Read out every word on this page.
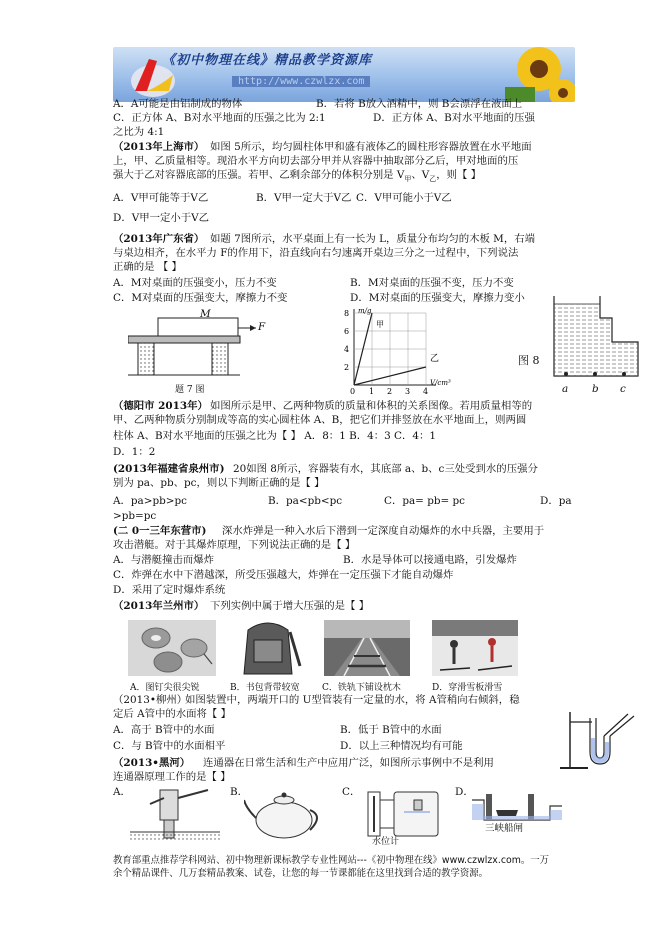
《初中物理在线》精品教学资源库
http://www.czwlzx.com
A．A可能是由铝制成的物体	B．若将 B放入酒精中，则 B会漂浮在液面上
C．正方体 A、B对水平地面的压强之比为 2:1	D．正方体 A、B对水平地面的压强
之比为 4:1
（2013年上海市） 如图 5所示，均匀圆柱体甲和盛有液体乙的圆柱形容器放置在水平地面
上，甲、乙质量相等。现沿水平方向切去部分甲并从容器中抽取部分乙后，甲对地面的压
强大于乙对容器底部的压强。若甲、乙剩余部分的体积分别是 $V_甲$、$V_乙$，则【 】
A．V甲可能等于V乙	B．V甲一定大于V乙 C．V甲可能小于V乙
D．V甲一定小于V乙
（2013年广东省） 如题 7图所示，水平桌面上有一长为 L，质量分布均匀的木板 M，右端
与桌边相齐，在水平力 F的作用下，沿直线向右匀速离开桌边三分之一过程中，下列说法
正确的是 【 】
A．M对桌面的压强变小，压力不变	B．M对桌面的压强不变，压力不变
C．M对桌面的压强变大，摩擦力不变	D．M对桌面的压强变大，摩擦力变小
M
F
题 7 图
2
4
6
8
0 1 2 3 4
m/g
V/cm³
甲
乙	图 8
a b c
（德阳市 2013年） 如图所示是甲、乙两种物质的质量和体积的关系图像。若用质量相等的
甲、乙两种物质分别制成等高的实心圆柱体 A、B，把它们并排竖放在水平地面上，则两圆
柱体 A、B对水平地面的压强之比为【 】 A．8：1 B．4：3 C．4：1
D．1：2
(2013年福建省泉州市) 20如图 8所示，容器装有水，其底部 a、b、c三处受到水的压强分
别为 pa、pb、pc，则以下判断正确的是【 】
A．pa>pb>pc	B．pa<pb<pc	C．pa= pb= pc	D．pa
>pb=pc
(二 0一三年东营市) 深水炸弹是一种入水后下潜到一定深度自动爆炸的水中兵器，主要用于
攻击潜艇。对于其爆炸原理，下列说法正确的是【 】
A．与潜艇撞击而爆炸	B．水是导体可以接通电路，引发爆炸
C．炸弹在水中下潜越深，所受压强越大，炸弹在一定压强下才能自动爆炸
D．采用了定时爆炸系统
（2013年兰州市） 下列实例中属于增大压强的是【 】
A．图钉尖很尖锐	B．书包背带较宽 C．铁轨下铺设枕木	D．穿滑雪板滑雪
（2013•柳州）
如图装置中，两端开口的 U型管装有一定量的水，将 A管稍向右倾斜，稳
定后 A管中的水面将【 】
A．高于 B管中的水面	B．低于 B管中的水面
C．与 B管中的水面相平	D．以上三种情况均有可能
（2013•黑河） 连通器在日常生活和生产中应用广泛，如图所示事例中不是利用
连通器原理工作的是【 】
A．	B．	C．	D．
水位计
三峡船闸
教育部重点推荐学科网站、初中物理新课标教学专业性网站---《初中物理在线》www.czwlzx.com。一万余个精品课件、几万套精品教案、试卷，让您的每一节课都能在这里找到合适的教学资源。
